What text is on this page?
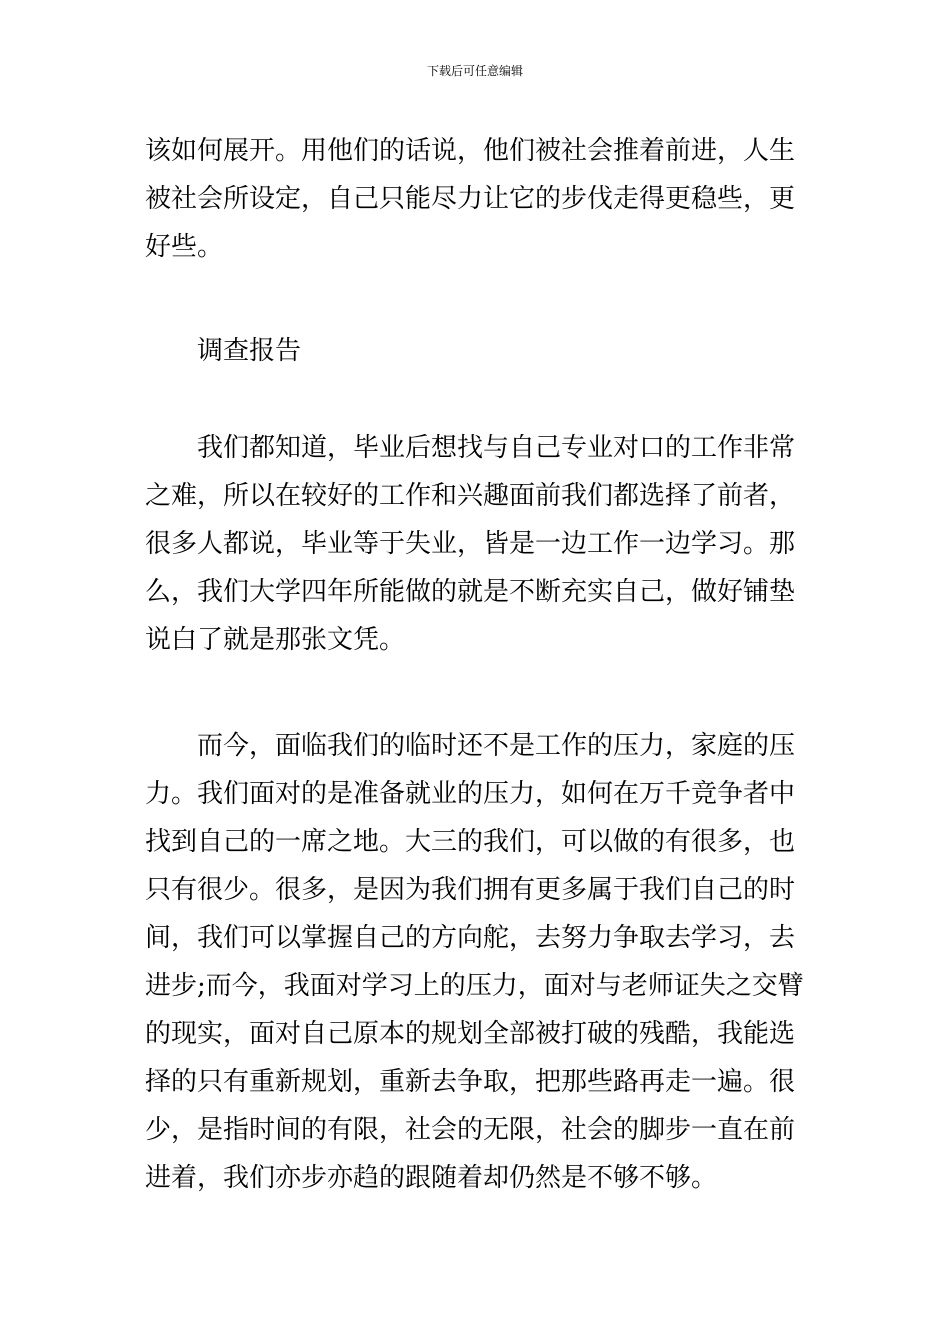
下载后可任意编辑
该如何展开。用他们的话说，他们被社会推着前进，人生
被社会所设定，自己只能尽力让它的步伐走得更稳些，更
好些。
调查报告
我们都知道，毕业后想找与自己专业对口的工作非常
之难，所以在较好的工作和兴趣面前我们都选择了前者，
很多人都说，毕业等于失业，皆是一边工作一边学习。那
么，我们大学四年所能做的就是不断充实自己，做好铺垫
说白了就是那张文凭。
而今，面临我们的临时还不是工作的压力，家庭的压
力。我们面对的是准备就业的压力，如何在万千竞争者中
找到自己的一席之地。大三的我们，可以做的有很多，也
只有很少。很多，是因为我们拥有更多属于我们自己的时
间，我们可以掌握自己的方向舵，去努力争取去学习，去
进步;而今，我面对学习上的压力，面对与老师证失之交臂
的现实，面对自己原本的规划全部被打破的残酷，我能选
择的只有重新规划，重新去争取，把那些路再走一遍。很
少，是指时间的有限，社会的无限，社会的脚步一直在前
进着，我们亦步亦趋的跟随着却仍然是不够不够。
